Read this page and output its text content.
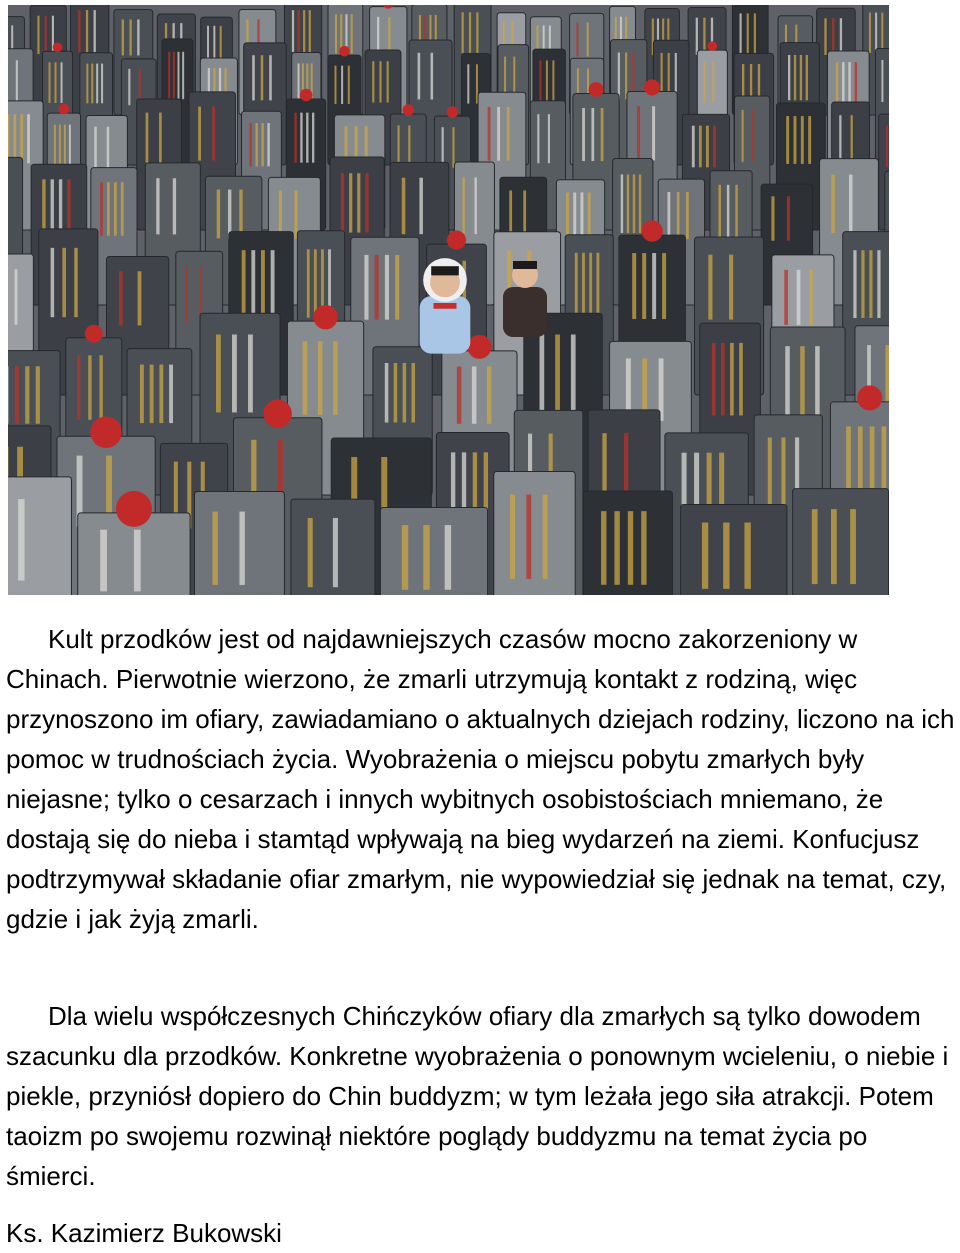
Kult przodków jest od najdawniejszych czasów mocno zakorzeniony w Chinach. Pierwotnie wierzono, że zmarli utrzymują kontakt z rodziną, więc przynoszono im ofiary, zawiadamiano o aktualnych dziejach rodziny, liczono na ich pomoc w trudnościach życia. Wyobrażenia o miejscu pobytu zmarłych były niejasne; tylko o cesarzach i innych wybitnych osobistościach mniemano, że dostają się do nieba i stamtąd wpływają na bieg wydarzeń na ziemi. Konfucjusz podtrzymywał składanie ofiar zmarłym, nie wypowiedział się jednak na temat, czy, gdzie i jak żyją zmarli.

Dla wielu współczesnych Chińczyków ofiary dla zmarłych są tylko dowodem szacunku dla przodków. Konkretne wyobrażenia o ponownym wcieleniu, o niebie i piekle, przyniósł dopiero do Chin buddyzm; w tym leżała jego siła atrakcji. Potem taoizm po swojemu rozwinął niektóre poglądy buddyzmu na temat życia po śmierci.

Ks. Kazimierz Bukowski
